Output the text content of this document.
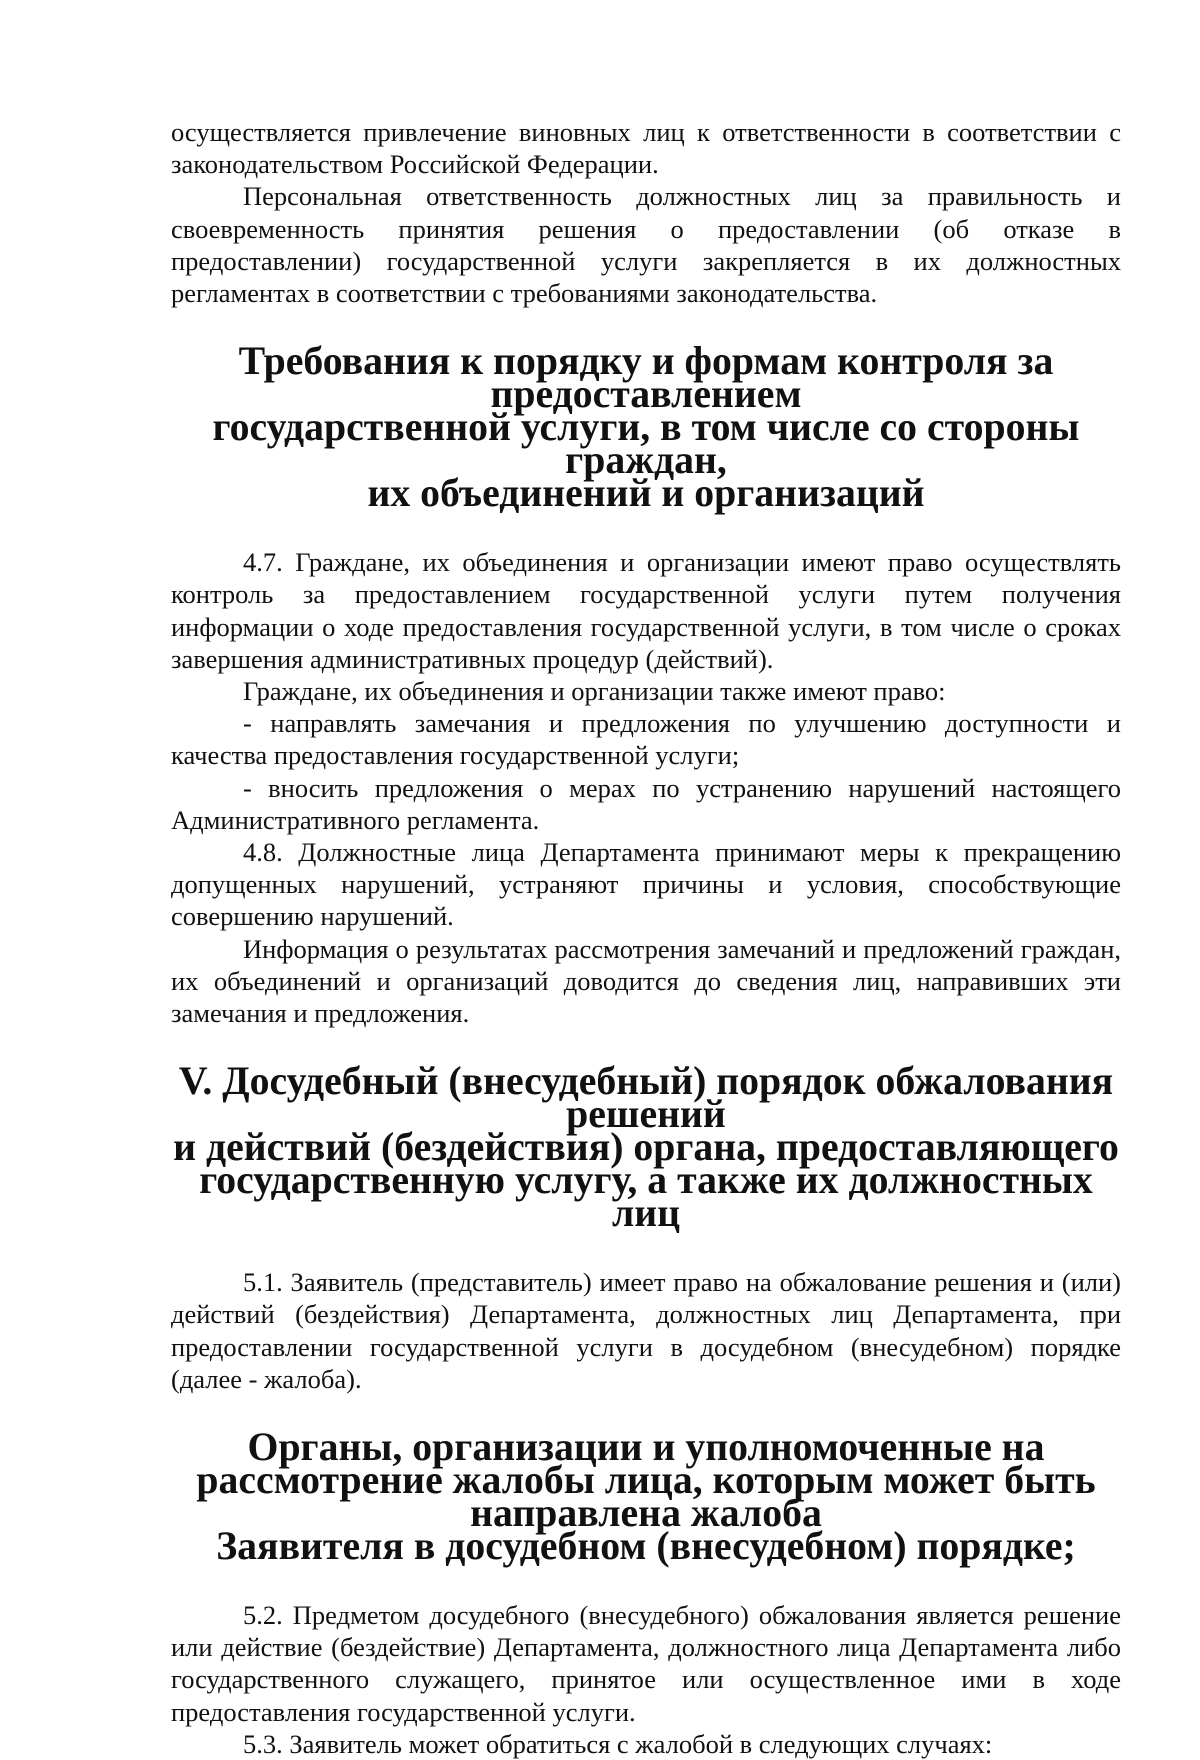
осуществляется привлечение виновных лиц к ответственности в соответствии с законодательством Российской Федерации.

Персональная ответственность должностных лиц за правильность и своевременность принятия решения о предоставлении (об отказе в предоставлении) государственной услуги закрепляется в их должностных регламентах в соответствии с требованиями законодательства.

Требования к порядку и формам контроля за предоставлением
государственной услуги, в том числе со стороны граждан,
их объединений и организаций

4.7. Граждане, их объединения и организации имеют право осуществлять контроль за предоставлением государственной услуги путем получения информации о ходе предоставления государственной услуги, в том числе о сроках завершения административных процедур (действий).

Граждане, их объединения и организации также имеют право:

- направлять замечания и предложения по улучшению доступности и качества предоставления государственной услуги;

- вносить предложения о мерах по устранению нарушений настоящего Административного регламента.

4.8. Должностные лица Департамента принимают меры к прекращению допущенных нарушений, устраняют причины и условия, способствующие совершению нарушений.

Информация о результатах рассмотрения замечаний и предложений граждан, их объединений и организаций доводится до сведения лиц, направивших эти замечания и предложения.

V. Досудебный (внесудебный) порядок обжалования решений
и действий (бездействия) органа, предоставляющего
государственную услугу, а также их должностных лиц

5.1. Заявитель (представитель) имеет право на обжалование решения и (или) действий (бездействия) Департамента, должностных лиц Департамента, при предоставлении государственной услуги в досудебном (внесудебном) порядке (далее - жалоба).

Органы, организации и уполномоченные на
рассмотрение жалобы лица, которым может быть направлена жалоба
Заявителя в досудебном (внесудебном) порядке;

5.2. Предметом досудебного (внесудебного) обжалования является решение или действие (бездействие) Департамента, должностного лица Департамента либо государственного служащего, принятое или осуществленное ими в ходе предоставления государственной услуги.

5.3. Заявитель может обратиться с жалобой в следующих случаях:
